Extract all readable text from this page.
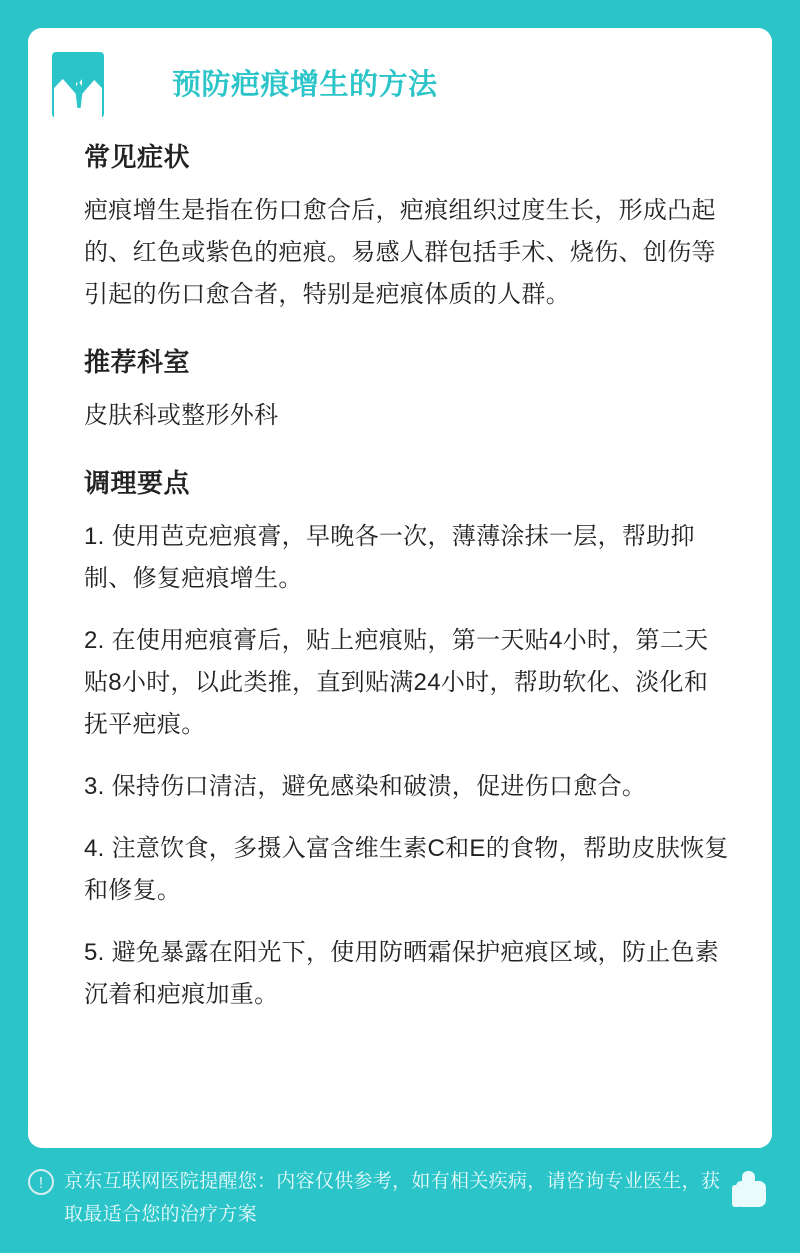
预防疤痕增生的方法
常见症状

疤痕增生是指在伤口愈合后，疤痕组织过度生长，形成凸起的、红色或紫色的疤痕。易感人群包括手术、烧伤、创伤等引起的伤口愈合者，特别是疤痕体质的人群。

推荐科室

皮肤科或整形外科

调理要点

1. 使用芭克疤痕膏，早晚各一次，薄薄涂抹一层，帮助抑制、修复疤痕增生。

2. 在使用疤痕膏后，贴上疤痕贴，第一天贴4小时，第二天贴8小时，以此类推，直到贴满24小时，帮助软化、淡化和抚平疤痕。

3. 保持伤口清洁，避免感染和破溃，促进伤口愈合。

4. 注意饮食，多摄入富含维生素C和E的食物，帮助皮肤恢复和修复。

5. 避免暴露在阳光下，使用防晒霜保护疤痕区域，防止色素沉着和疤痕加重。

!	京东互联网医院提醒您：内容仅供参考，如有相关疾病，请咨询专业医生，获取最适合您的治疗方案
